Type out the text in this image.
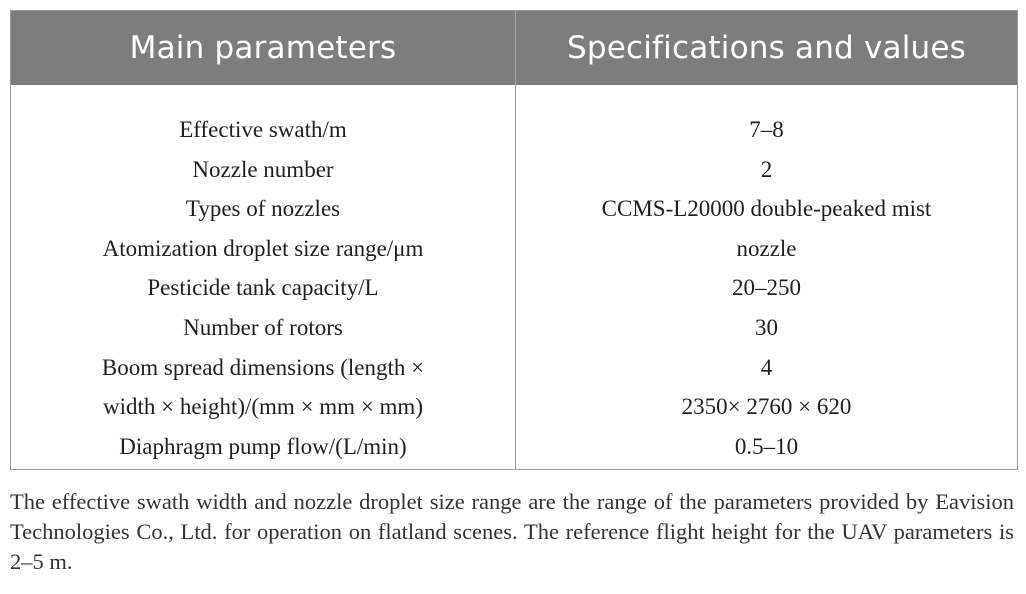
Main parameters	Specifications and values
Effective swath/m
Nozzle number
Types of nozzles
Atomization droplet size range/μm
Pesticide tank capacity/L
Number of rotors
Boom spread dimensions (length ×
width × height)/(mm × mm × mm)
Diaphragm pump flow/(L/min)
7–8
2
CCMS-L20000 double-peaked mist
nozzle
20–250
30
4
2350× 2760 × 620
0.5–10

The effective swath width and nozzle droplet size range are the range of the parameters provided by Eavision Technologies Co., Ltd. for operation on flatland scenes. The reference flight height for the UAV parameters is 2–5 m.
